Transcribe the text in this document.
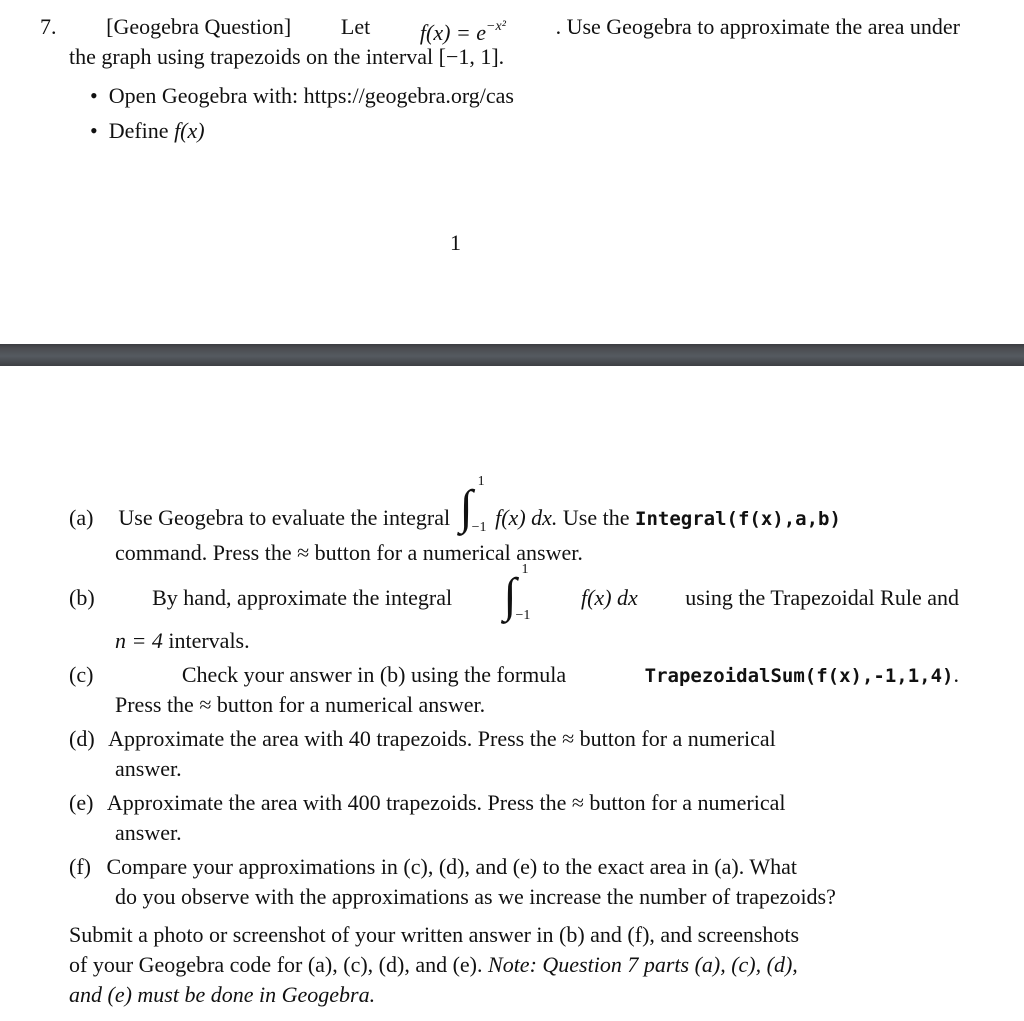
7. [Geogebra Question] Let $f(x) = e^{-x^2}$ . Use Geogebra to approximate the area under
the graph using trapezoids on the interval [−1, 1].
• Open Geogebra with: https://geogebra.org/cas
• Define f(x)
1
(a) Use Geogebra to evaluate the integral ∫ 1
−1 f(x) dx. Use the Integral(f(x),a,b)
command. Press the ≈ button for a numerical answer.
(b)	By hand, approximate the integral ∫ 1
−1
f(x) dx using the Trapezoidal Rule and
n = 4 intervals.
(c)	Check your answer in (b) using the formula	TrapezoidalSum(f(x),-1,1,4).
Press the ≈ button for a numerical answer.
(d) Approximate the area with 40 trapezoids. Press the ≈ button for a numerical
answer.
(e) Approximate the area with 400 trapezoids. Press the ≈ button for a numerical
answer.
(f) Compare your approximations in (c), (d), and (e) to the exact area in (a). What
do you observe with the approximations as we increase the number of trapezoids?
Submit a photo or screenshot of your written answer in (b) and (f), and screenshots
of your Geogebra code for (a), (c), (d), and (e). Note: Question 7 parts (a), (c), (d),
and (e) must be done in Geogebra.
